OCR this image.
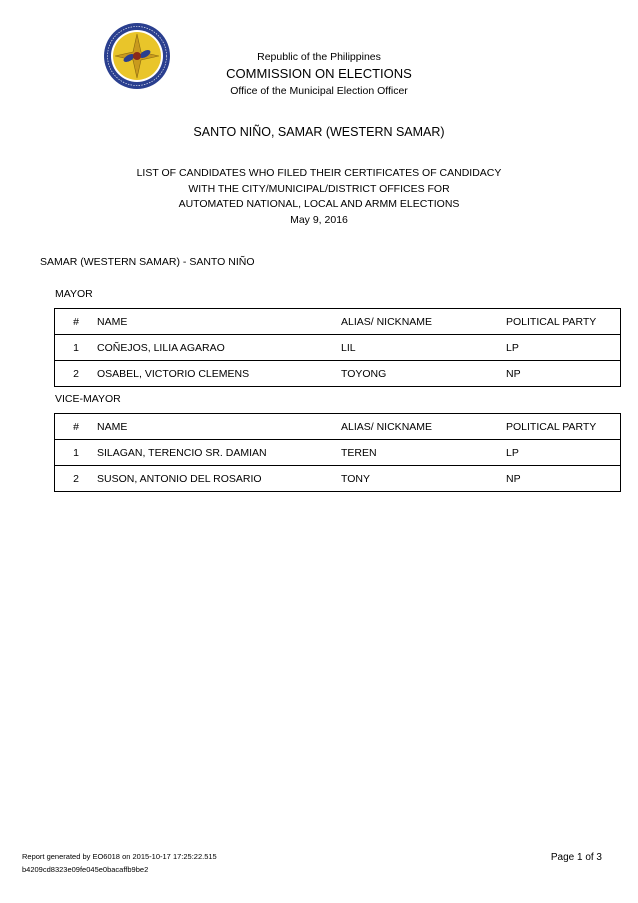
Republic of the Philippines
COMMISSION ON ELECTIONS
Office of the Municipal Election Officer
SANTO NIÑO, SAMAR (WESTERN SAMAR)
LIST OF CANDIDATES WHO FILED THEIR CERTIFICATES OF CANDIDACY
WITH THE CITY/MUNICIPAL/DISTRICT OFFICES FOR
AUTOMATED NATIONAL, LOCAL AND ARMM ELECTIONS
May 9, 2016
SAMAR (WESTERN SAMAR) - SANTO NIÑO
MAYOR
#	NAME	ALIAS/ NICKNAME	POLITICAL PARTY
1	COÑEJOS, LILIA AGARAO	LIL	LP
2	OSABEL, VICTORIO CLEMENS	TOYONG	NP
VICE-MAYOR
#	NAME	ALIAS/ NICKNAME	POLITICAL PARTY
1	SILAGAN, TERENCIO SR. DAMIAN	TEREN	LP
2	SUSON, ANTONIO DEL ROSARIO	TONY	NP
Report generated by EO6018 on 2015-10-17 17:25:22.515
b4209cd8323e09fe045e0bacaffb9be2
Page 1 of 3
